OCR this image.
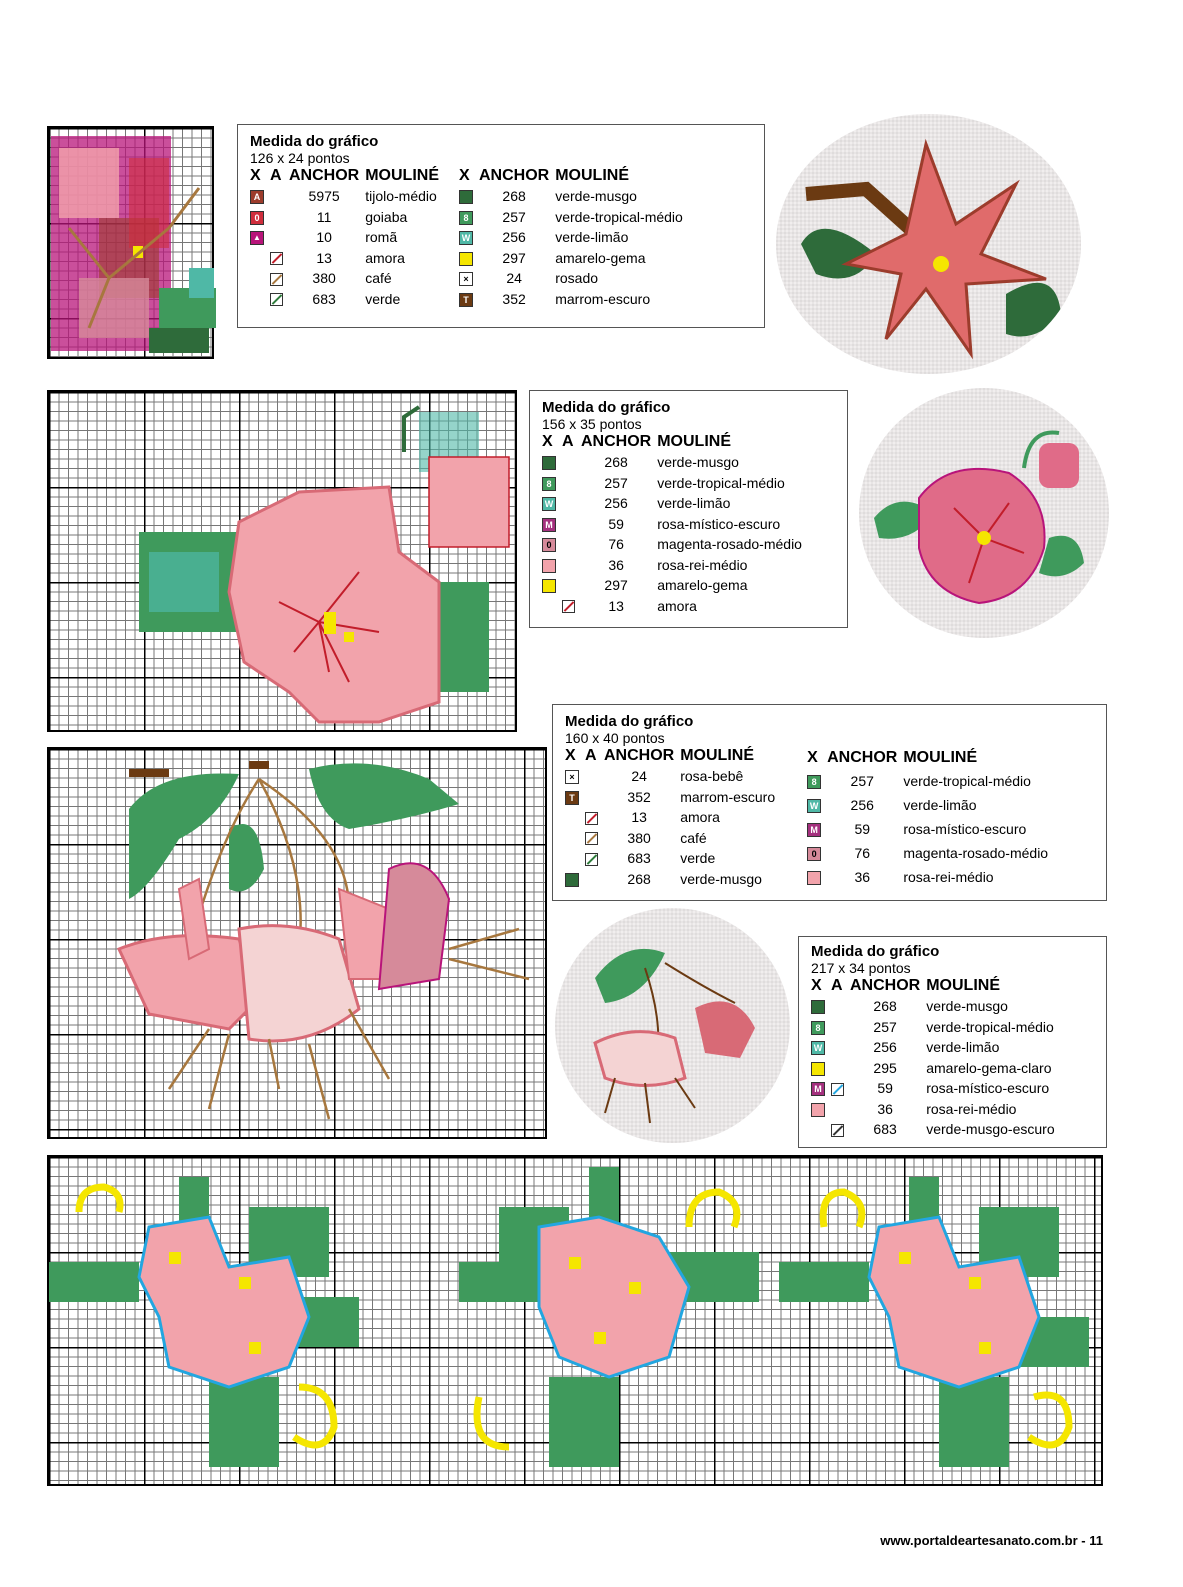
Medida do gráfico
126 x 24 pontos
X	A	ANCHOR	MOULINÉ
A		5975	tijolo-médio
0		11	goiaba
▲		10	romã
		13	amora
		380	café
		683	verde
X	ANCHOR	MOULINÉ
	268	verde-musgo
8	257	verde-tropical-médio
W	256	verde-limão
	297	amarelo-gema
×	24	rosado
T	352	marrom-escuro
Medida do gráfico
156 x 35 pontos
X	A	ANCHOR	MOULINÉ
		268	verde-musgo
8		257	verde-tropical-médio
W		256	verde-limão
M		59	rosa-místico-escuro
0		76	magenta-rosado-médio
		36	rosa-rei-médio
		297	amarelo-gema
		13	amora
Medida do gráfico
160 x 40 pontos
X	A	ANCHOR	MOULINÉ
×		24	rosa-bebê
T		352	marrom-escuro
		13	amora
		380	café
		683	verde
		268	verde-musgo
X	ANCHOR	MOULINÉ
8	257	verde-tropical-médio
W	256	verde-limão
M	59	rosa-místico-escuro
0	76	magenta-rosado-médio
	36	rosa-rei-médio
Medida do gráfico
217 x 34 pontos
X	A	ANCHOR	MOULINÉ
		268	verde-musgo
8		257	verde-tropical-médio
W		256	verde-limão
		295	amarelo-gema-claro
M		59	rosa-místico-escuro
		36	rosa-rei-médio
		683	verde-musgo-escuro
www.portaldeartesanato.com.br - 11
